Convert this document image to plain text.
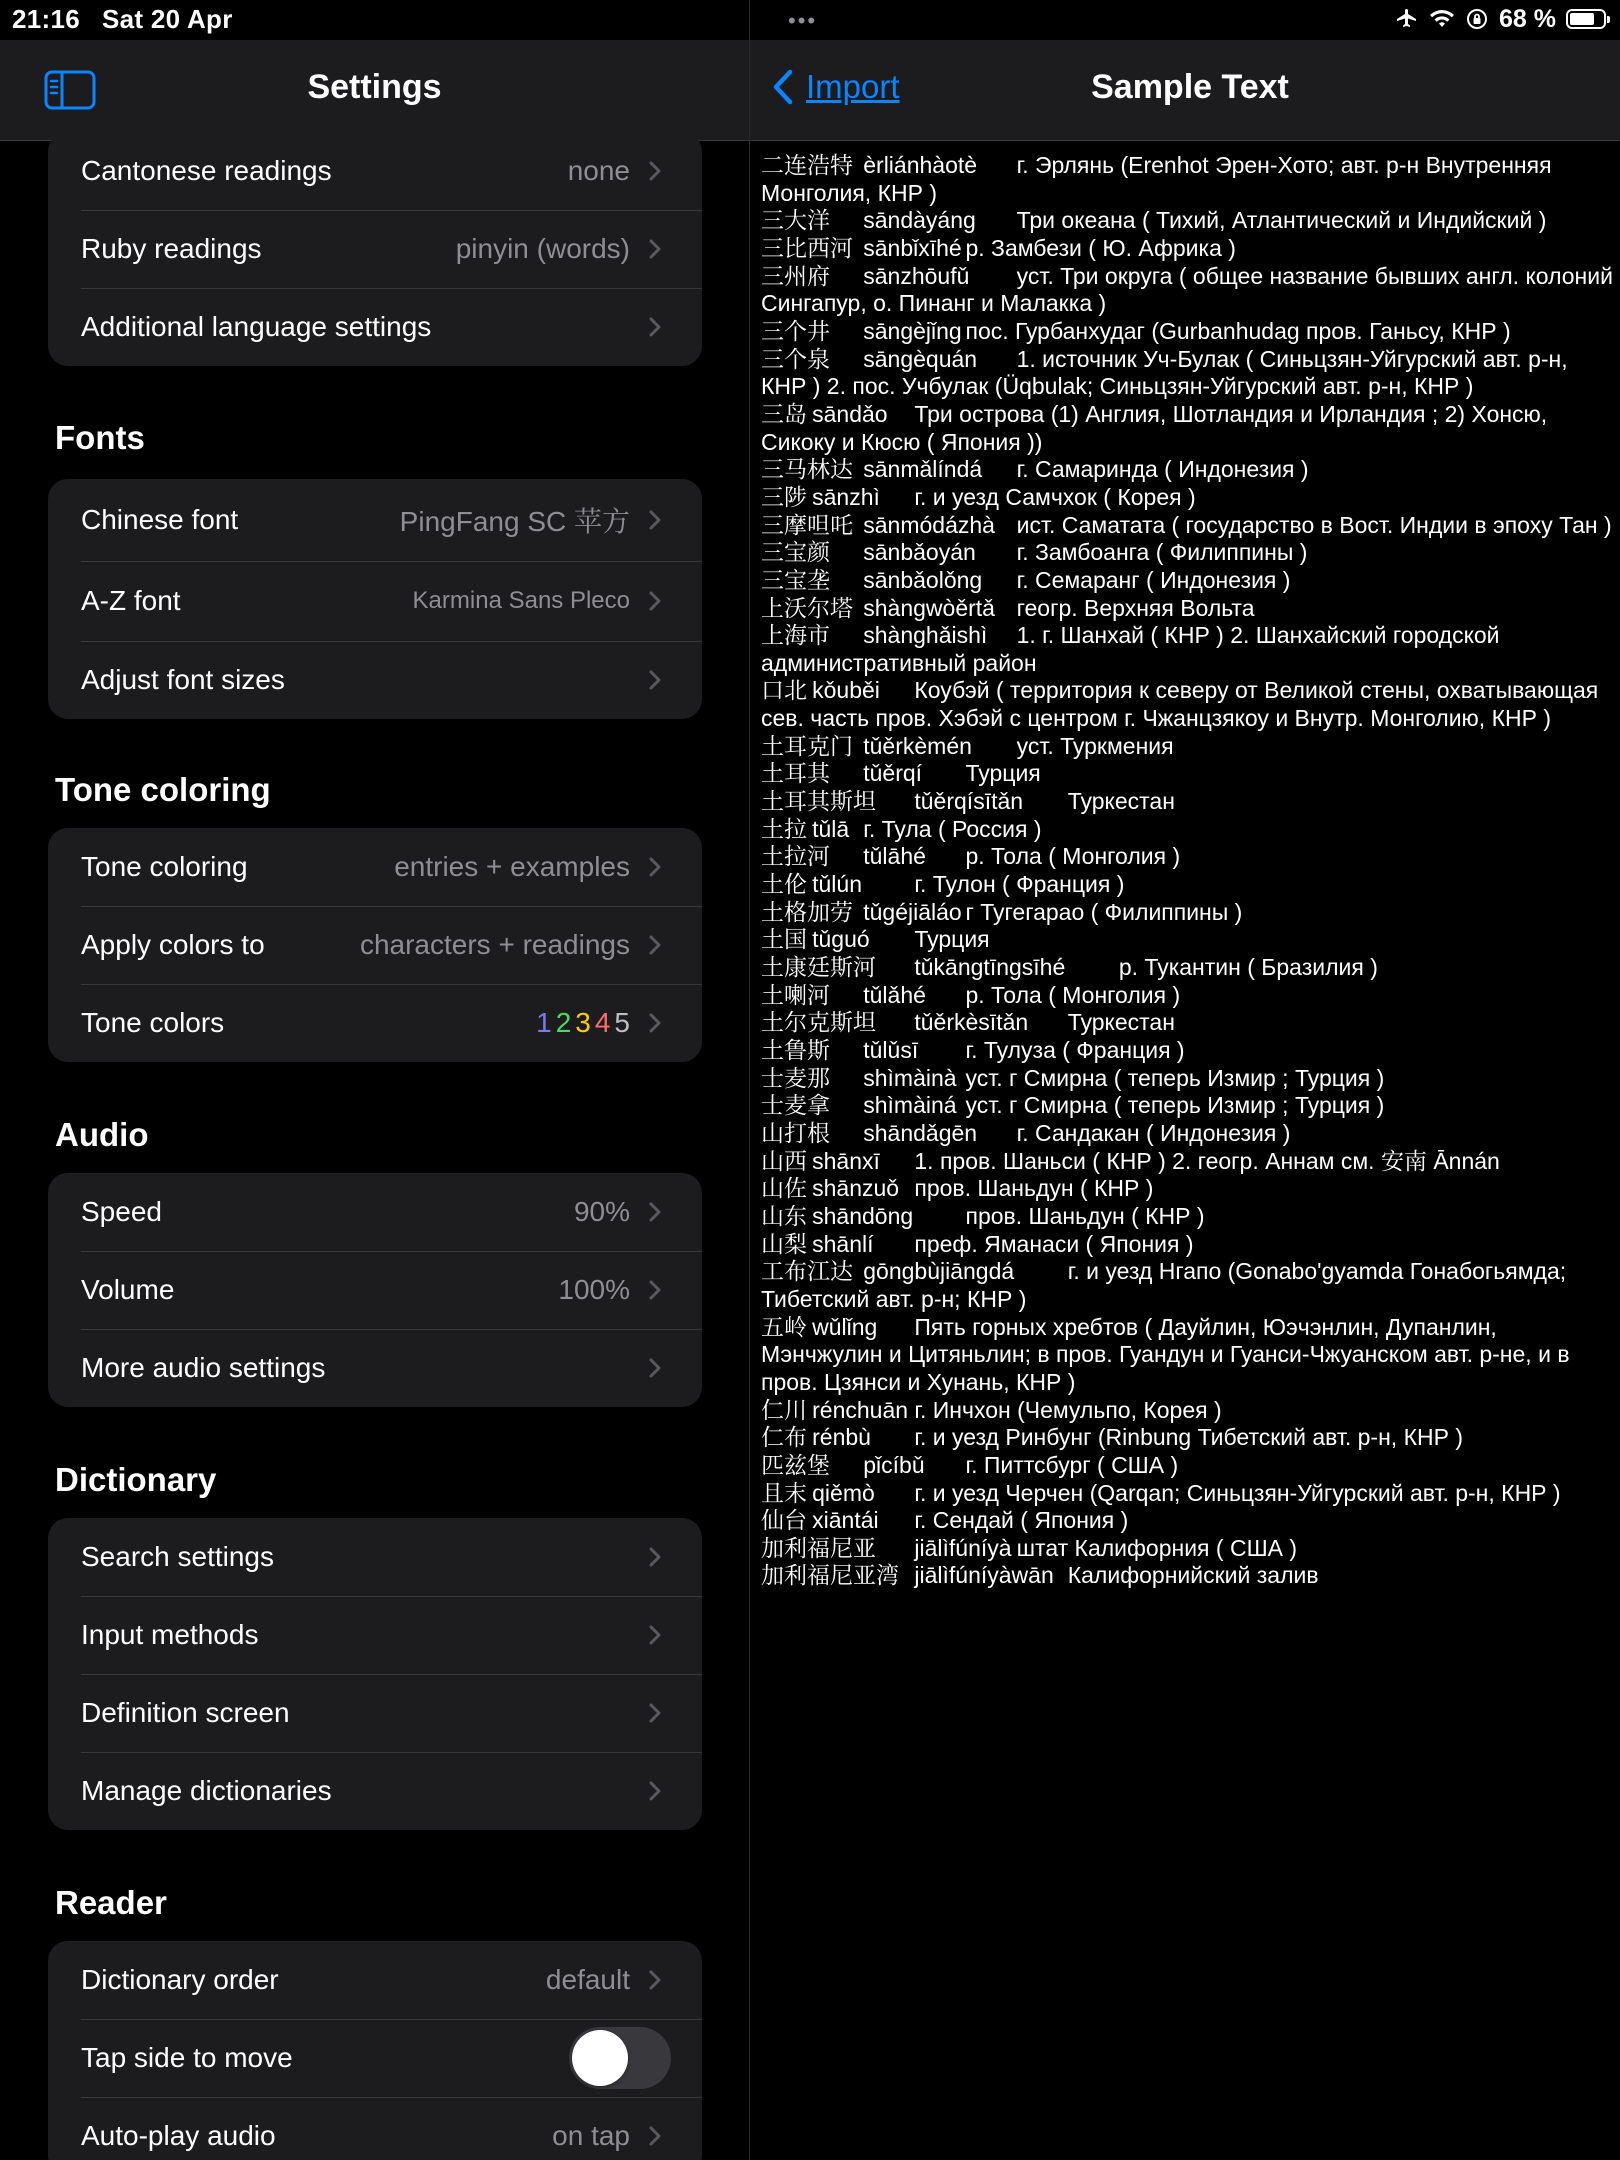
21:16 Sat 20 Apr
Settings
Cantonese readings	none
Ruby readings	pinyin (words)
Additional language settings
Fonts
Chinese font	PingFang SC 苹方
A-Z font	Karmina Sans Pleco
Adjust font sizes
Tone coloring
Tone coloring	entries + examples
Apply colors to	characters + readings
Tone colors	1 2 3 4 5
Audio
Speed	90%
Volume	100%
More audio settings
Dictionary
Search settings
Input methods
Definition screen
Manage dictionaries
Reader
Dictionary order	default
Tap side to move
Auto-play audio	on tap
•••	68 %
Import	Sample Text
二连浩特	èrliánhàotè	г. Эрлянь (Erenhot Эрен-Хото; авт. р-н Внутренняя Монголия, КНР )
三大洋	sāndàyáng	Три океана ( Тихий, Атлантический и Индийский )
三比西河	sānbǐxīhé	р. Замбези ( Ю. Африка )
三州府	sānzhōufǔ	уст. Три округа ( общее название бывших англ. колоний Сингапур, о. Пинанг и Малакка )
三个井	sāngèjǐng	пос. Гурбанхудаг (Gurbanhudag пров. Ганьсу, КНР )
三个泉	sāngèquán	1. источник Уч-Булак ( Синьцзян-Уйгурский авт. р-н, КНР ) 2. пос. Учбулак (Üqbulak; Синьцзян-Уйгурский авт. р-н, КНР )
三岛	sāndǎo	Три острова (1) Англия, Шотландия и Ирландия ; 2) Хонсю, Сикоку и Кюсю ( Япония ))
三马林达	sānmǎlíndá	г. Самаринда ( Индонезия )
三陟	sānzhì	г. и уезд Самчхок ( Корея )
三摩呾吒	sānmódázhà	ист. Саматата ( государство в Вост. Индии в эпоху Тан )
三宝颜	sānbǎoyán	г. Замбоанга ( Филиппины )
三宝垄	sānbǎolǒng	г. Семаранг ( Индонезия )
上沃尔塔	shàngwòěrtǎ	геогр. Верхняя Вольта
上海市	shànghǎishì	1. г. Шанхай ( КНР ) 2. Шанхайский городской административный район
口北	kǒuběi	Коубэй ( территория к северу от Великой стены, охватывающая сев. часть пров. Хэбэй с центром г. Чжанцзякоу и Внутр. Монголию, КНР )
土耳克门	tǔěrkèmén	уст. Туркмения
土耳其	tǔěrqí	Турция
土耳其斯坦	tǔěrqísītǎn	Туркестан
土拉	tǔlā	г. Тула ( Россия )
土拉河	tǔlāhé	р. Тола ( Монголия )
土伦	tǔlún	г. Тулон ( Франция )
土格加劳	tǔgéjiāláo	г Тугегарао ( Филиппины )
土国	tǔguó	Турция
土康廷斯河	tǔkāngtīngsīhé	р. Тукантин ( Бразилия )
土喇河	tǔlǎhé	р. Тола ( Монголия )
土尔克斯坦	tǔěrkèsītǎn	Туркестан
土鲁斯	tǔlǔsī	г. Тулуза ( Франция )
士麦那	shìmàinà	уст. г Смирна ( теперь Измир ; Турция )
士麦拿	shìmàiná	уст. г Смирна ( теперь Измир ; Турция )
山打根	shāndǎgēn	г. Сандакан ( Индонезия )
山西	shānxī	1. пров. Шаньси ( КНР ) 2. геогр. Аннам см. 安南 Ānnán
山佐	shānzuǒ	пров. Шаньдун ( КНР )
山东	shāndōng	пров. Шаньдун ( КНР )
山梨	shānlí	преф. Яманаси ( Япония )
工布江达	gōngbùjiāngdá	г. и уезд Нгапо (Gonabo'gyamda Гонабогьямда; Тибетский авт. р-н; КНР )
五岭	wǔlǐng	Пять горных хребтов ( Дауйлин, Юэчэнлин, Дупанлин, Мэнчжулин и Цитяньлин; в пров. Гуандун и Гуанси-Чжуанском авт. р-не, и в пров. Цзянси и Хунань, КНР )
仁川	rénchuān	г. Инчхон (Чемульпо, Корея )
仁布	rénbù	г. и уезд Ринбунг (Rinbung Тибетский авт. р-н, КНР )
匹兹堡	pǐcíbǔ	г. Питтсбург ( США )
且末	qiěmò	г. и уезд Черчен (Qarqan; Синьцзян-Уйгурский авт. р-н, КНР )
仙台	xiāntái	г. Сендай ( Япония )
加利福尼亚	jiālìfúníyà	штат Калифорния ( США )
加利福尼亚湾	jiālìfúníyàwān	Калифорнийский залив
